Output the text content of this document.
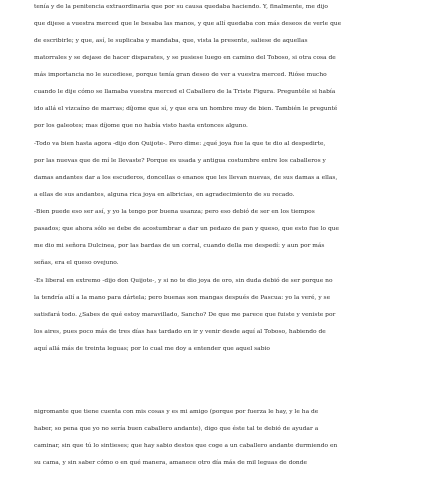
tenía y de la penitencia extraordinaria que por su causa quedaba haciendo. Y, finalmente, me dijo
que dijese a vuestra merced que le besaba las manos, y que allí quedaba con más deseos de verle que
de escribirle; y que, así, le suplicaba y mandaba, que, vista la presente, saliese de aquellas
matorrales y se dejase de hacer disparates, y se pusiese luego en camino del Toboso, si otra cosa de
más importancia no le sucediese, porque tenía gran deseo de ver a vuestra merced. Rióse mucho
cuando le dije cómo se llamaba vuestra merced el Caballero de la Triste Figura. Preguntéle si había
ido allá el vizcaíno de marras; díjome que sí, y que era un hombre muy de bien. También le pregunté
por los galeotes; mas díjome que no había visto hasta entonces alguno.
-Todo va bien hasta agora -dijo don Quijote-. Pero dime: ¿qué joya fue la que te dio al despedirte,
por las nuevas que de mí le llevaste? Porque es usada y antigua costumbre entre los caballeros y
damas andantes dar a los escuderos, doncellas o enanos que les llevan nuevas, de sus damas a ellas,
a ellas de sus andantes, alguna rica joya en albricias, en agradecimiento de su recado.
-Bien puede eso ser así, y yo la tengo por buena usanza; pero eso debió de ser en los tiempos
pasados; que ahora sólo se debe de acostumbrar a dar un pedazo de pan y queso, que esto fue lo que
me dio mi señora Dulcinea, por las bardas de un corral, cuando della me despedí: y aun por más
señas, era el queso ovejuno.
-Es liberal en extremo -dijo don Quijote-, y si no te dio joya de oro, sin duda debió de ser porque no
la tendría allí a la mano para dártela; pero buenas son mangas después de Pascua: yo la veré, y se
satisfará todo. ¿Sabes de qué estoy maravillado, Sancho? De que me parece que fuiste y veniste por
los aires, pues poco más de tres días has tardado en ir y venir desde aquí al Toboso, habiendo de
aquí allá más de treinta leguas; por lo cual me doy a entender que aquel sabio
nigromante que tiene cuenta con mis cosas y es mi amigo (porque por fuerza le hay, y le ha de
haber, so pena que yo no sería buen caballero andante), digo que éste tal te debió de ayudar a
caminar, sin que tú lo sintieses; que hay sabio destos que coge a un caballero andante durmiendo en
su cama, y sin saber cómo o en qué manera, amanece otro día más de mil leguas de donde
